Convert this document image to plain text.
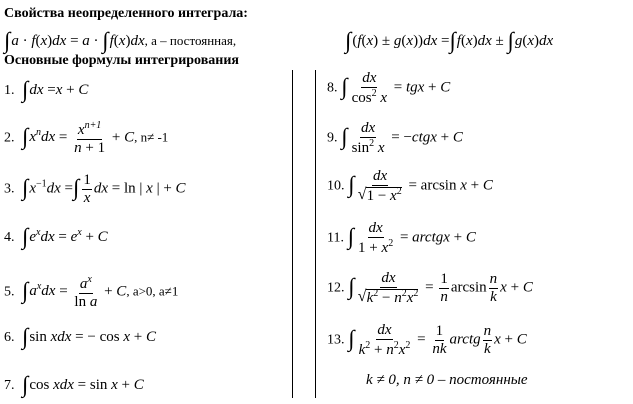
Свойства неопределенного интеграла:
∫a · f(x)dx = a · ∫f(x)dx, а – постоянная,	∫(f(x) ± g(x))dx =∫f(x)dx ± ∫g(x)dx
Основные формулы интегрирования
1. ∫dx =x + C
2. $\int x^ndx = \frac{x^{n+1}}{n + 1} + C$, n≠ -1
3. $\int x^{-1}dx$ =∫ $\frac{1}{x}$ dx = ln | x | + C
4. $\int e^xdx = e^x + C$
5. $\int a^xdx = \frac{a^x}{\text{ln a}} + C$, a>0, a≠1
6. ∫sin xdx = − cos x + C
7. ∫cos xdx = sin x + C
8. ∫ $\frac{dx}{\cos^2 x}$ = tgx + C
9. ∫ $\frac{dx}{\sin^2 x}$ = −ctgx + C
10. ∫ dx
√ $1 - x^2 = \arcsin x + C$
11. ∫ $\frac{dx}{1 + x^2}$ = arctgx + C
12. ∫ dx
√ $k^2 - n^2x^2 = \frac{1}{n}$ $\arcsin \frac{n}{k}$ x + C
13. ∫ $\frac{dx}{k^2 + n^2x^2} = \frac{1}{nk}$ arctg $\frac{n}{k}$ x + C
k ≠ 0, n ≠ 0 – постоянные
